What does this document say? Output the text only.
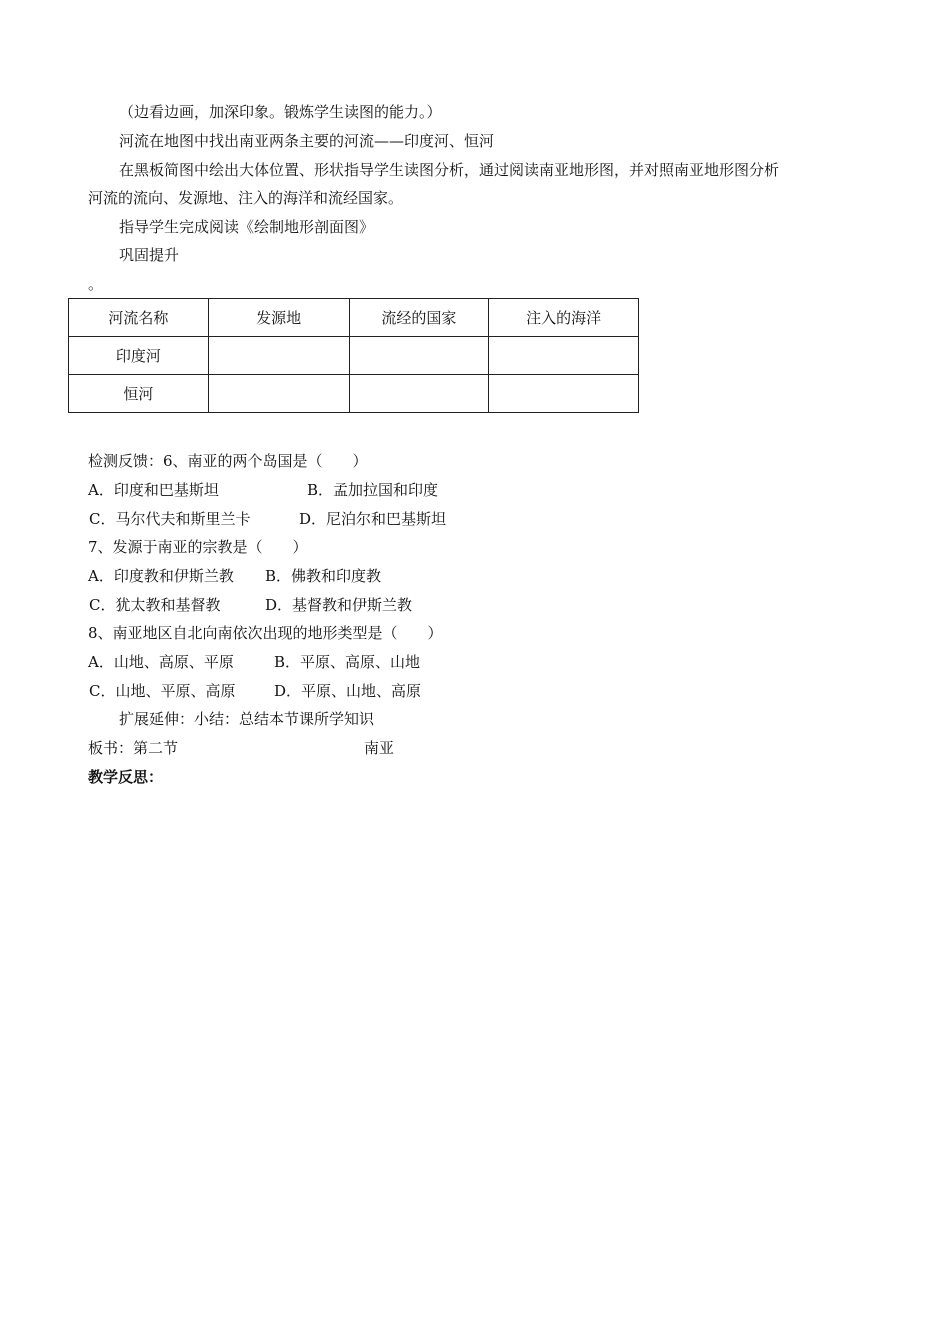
（边看边画，加深印象。锻炼学生读图的能力。）
河流在地图中找出南亚两条主要的河流——印度河、恒河
在黑板简图中绘出大体位置、形状指导学生读图分析，通过阅读南亚地形图，并对照南亚地形图分析
河流的流向、发源地、注入的海洋和流经国家。
指导学生完成阅读《绘制地形剖面图》
巩固提升
。
河流名称	发源地	流经的国家	注入的海洋
印度河			
恒河			
检测反馈：6、南亚的两个岛国是（　　）
A．印度和巴基斯坦	B．孟加拉国和印度
C．马尔代夫和斯里兰卡	D．尼泊尔和巴基斯坦
7、发源于南亚的宗教是（　　）
A．印度教和伊斯兰教 B．佛教和印度教
C．犹太教和基督教	D．基督教和伊斯兰教
8、南亚地区自北向南依次出现的地形类型是（　　）
A．山地、高原、平原	B．平原、高原、山地
C．山地、平原、高原	D．平原、山地、高原
扩展延伸：小结：总结本节课所学知识
板书：第二节	南亚
教学反思：
